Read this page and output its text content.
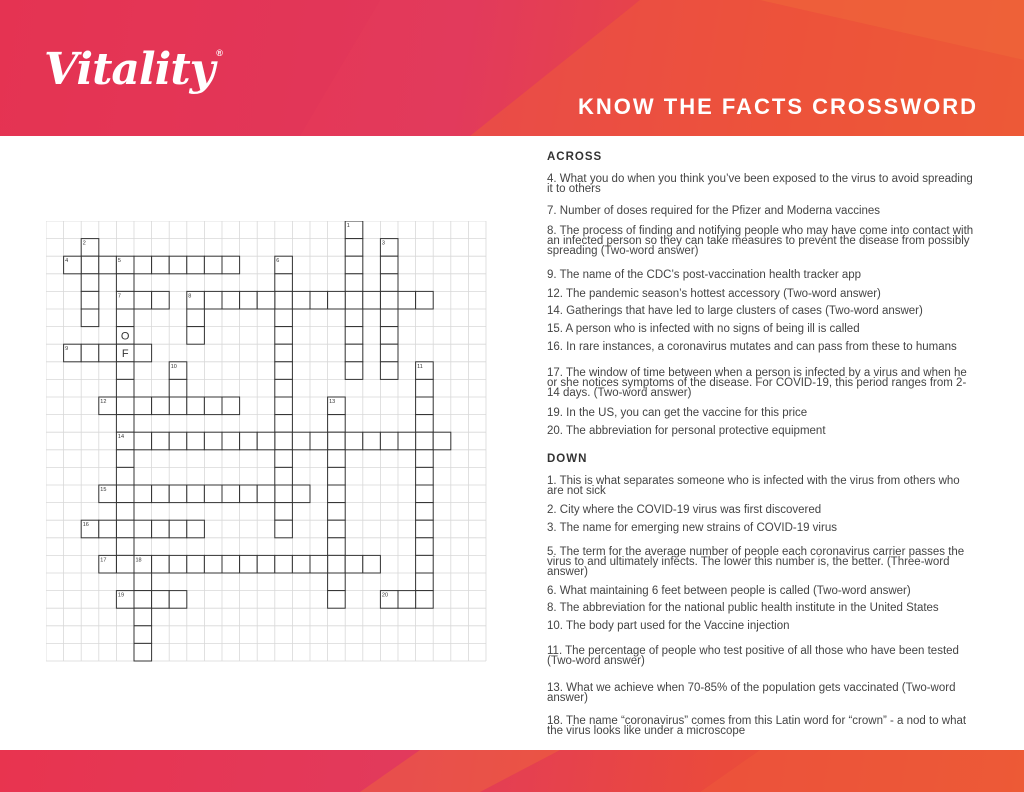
Vitality ®
KNOW THE FACTS CROSSWORD
1
2	3
4	5	6
7	8
9
10	11
12	13
14
15
16
17	18
19	20
O
F
ACROSS
4. What you do when you think you’ve been exposed to the virus to avoid spreading it to others
7. Number of doses required for the Pfizer and Moderna vaccines
8. The process of finding and notifying people who may have come into contact with an infected person so they can take measures to prevent the disease from possibly spreading (Two-word answer)
9. The name of the CDC’s post-vaccination health tracker app
12. The pandemic season’s hottest accessory (Two-word answer)
14. Gatherings that have led to large clusters of cases (Two-word answer)
15. A person who is infected with no signs of being ill is called
16. In rare instances, a coronavirus mutates and can pass from these to humans
17. The window of time between when a person is infected by a virus and when he or she notices symptoms of the disease. For COVID-19, this period ranges from 2-14 days. (Two-word answer)
19. In the US, you can get the vaccine for this price
20. The abbreviation for personal protective equipment
DOWN
1. This is what separates someone who is infected with the virus from others who are not sick
2. City where the COVID-19 virus was first discovered
3. The name for emerging new strains of COVID-19 virus
5. The term for the average number of people each coronavirus carrier passes the virus to and ultimately infects. The lower this number is, the better. (Three-word answer)
6. What maintaining 6 feet between people is called (Two-word answer)
8. The abbreviation for the national public health institute in the United States
10. The body part used for the Vaccine injection
11. The percentage of people who test positive of all those who have been tested (Two-word answer)
13. What we achieve when 70-85% of the population gets vaccinated (Two-word answer)
18. The name “coronavirus” comes from this Latin word for “crown” - a nod to what the virus looks like under a microscope
